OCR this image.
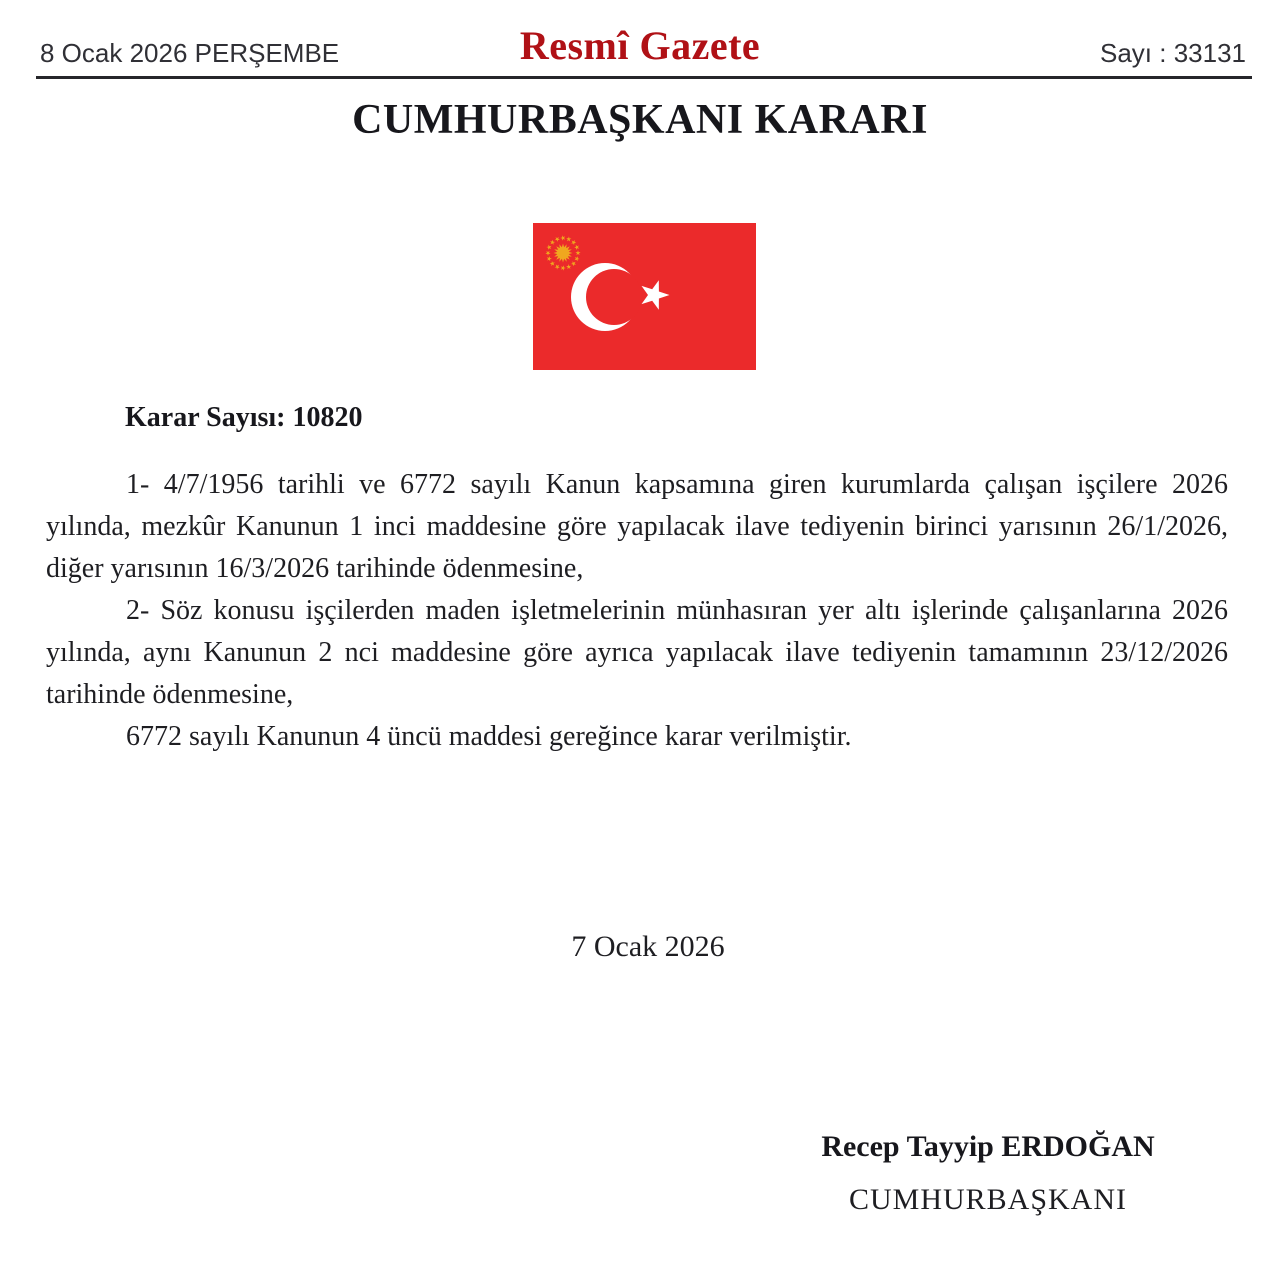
8 Ocak 2026 PERŞEMBE	Resmî Gazete	Sayı : 33131
CUMHURBAŞKANI KARARI
Karar Sayısı: 10820

1- 4/7/1956 tarihli ve 6772 sayılı Kanun kapsamına giren kurumlarda çalışan işçilere 2026 yılında, mezkûr Kanunun 1 inci maddesine göre yapılacak ilave tediyenin birinci yarısının 26/1/2026, diğer yarısının 16/3/2026 tarihinde ödenmesine,

2- Söz konusu işçilerden maden işletmelerinin münhasıran yer altı işlerinde çalışanlarına 2026 yılında, aynı Kanunun 2 nci maddesine göre ayrıca yapılacak ilave tediyenin tamamının 23/12/2026 tarihinde ödenmesine,

6772 sayılı Kanunun 4 üncü maddesi gereğince karar verilmiştir.

7 Ocak 2026
Recep Tayyip ERDOĞAN
CUMHURBAŞKANI
